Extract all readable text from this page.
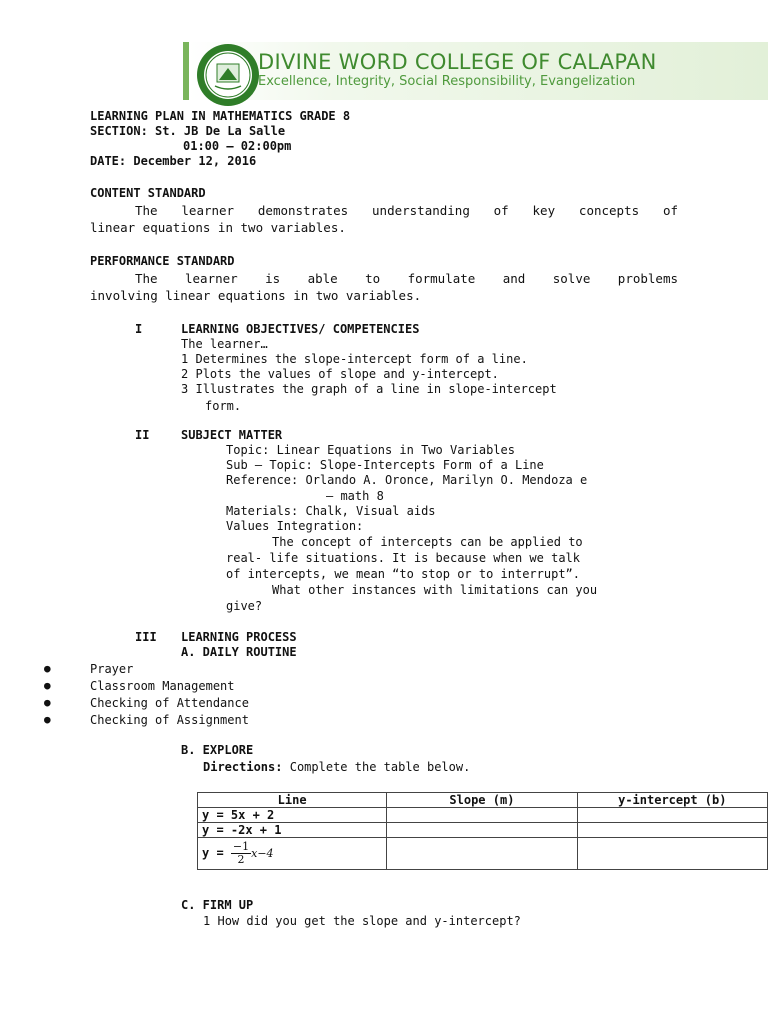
DIVINE WORD COLLEGE OF CALAPAN
Excellence, Integrity, Social Responsibility, Evangelization
LEARNING PLAN IN MATHEMATICS GRADE 8
SECTION: St. JB De La Salle
01:00 – 02:00pm
DATE: December 12, 2016
CONTENT STANDARD
The learner demonstrates understanding of key concepts of
linear equations in two variables.
PERFORMANCE STANDARD
The learner is able to formulate and solve problems
involving linear equations in two variables.
I	LEARNING OBJECTIVES/ COMPETENCIES
The learner…
1 Determines the slope-intercept form of a line.
2 Plots the values of slope and y-intercept.
3 Illustrates the graph of a line in slope-intercept
form.
II	SUBJECT MATTER
Topic: Linear Equations in Two Variables
Sub – Topic: Slope-Intercepts Form of a Line
Reference: Orlando A. Oronce, Marilyn O. Mendoza e
– math 8
Materials: Chalk, Visual aids
Values Integration:
The concept of intercepts can be applied to
real- life situations. It is because when we talk
of intercepts, we mean “to stop or to interrupt”.
What other instances with limitations can you
give?
III LEARNING PROCESS
A. DAILY ROUTINE
●	Prayer
●	Classroom Management
●	Checking of Attendance
●	Checking of Assignment
B. EXPLORE
Directions: Complete the table below.
Line	Slope (m)	y-intercept (b)
y = 5x + 2		
y = -2x + 1		
$y = \frac{-1}{2} x-4$		
C. FIRM UP
1 How did you get the slope and y-intercept?
